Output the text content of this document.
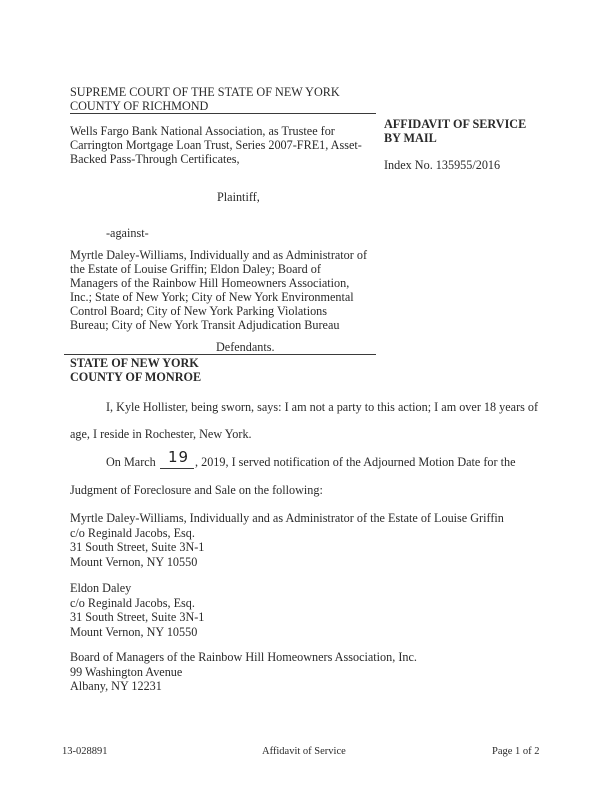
SUPREME COURT OF THE STATE OF NEW YORK
COUNTY OF RICHMOND
Wells Fargo Bank National Association, as Trustee for
Carrington Mortgage Loan Trust, Series 2007-FRE1, Asset-
Backed Pass-Through Certificates,
Plaintiff,
-against-
Myrtle Daley-Williams, Individually and as Administrator of
the Estate of Louise Griffin; Eldon Daley; Board of
Managers of the Rainbow Hill Homeowners Association,
Inc.; State of New York; City of New York Environmental
Control Board; City of New York Parking Violations
Bureau; City of New York Transit Adjudication Bureau
Defendants.
AFFIDAVIT OF SERVICE
BY MAIL
Index No. 135955/2016
STATE OF NEW YORK
COUNTY OF MONROE
I, Kyle Hollister, being sworn, says: I am not a party to this action; I am over 18 years of
age, I reside in Rochester, New York.
On March 19 , 2019, I served notification of the Adjourned Motion Date for the
Judgment of Foreclosure and Sale on the following:
Myrtle Daley-Williams, Individually and as Administrator of the Estate of Louise Griffin
c/o Reginald Jacobs, Esq.
31 South Street, Suite 3N-1
Mount Vernon, NY 10550
Eldon Daley
c/o Reginald Jacobs, Esq.
31 South Street, Suite 3N-1
Mount Vernon, NY 10550
Board of Managers of the Rainbow Hill Homeowners Association, Inc.
99 Washington Avenue
Albany, NY 12231
13-028891	Affidavit of Service	Page 1 of 2
